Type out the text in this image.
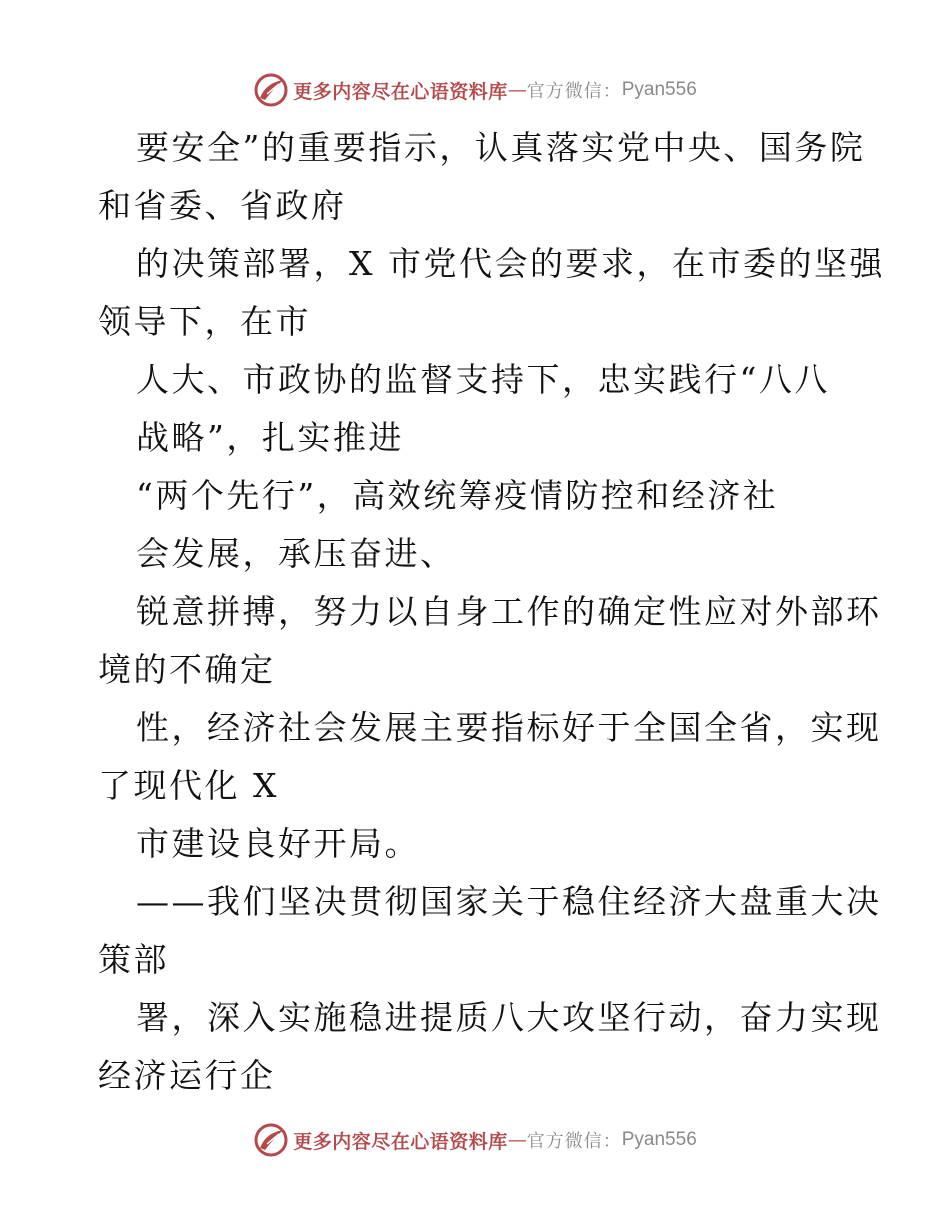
更多内容尽在心语资料库 — 官方微信： Pyan556
要安全”的重要指示，认真落实党中央、国务院
和省委、省政府
的决策部署，X 市党代会的要求，在市委的坚强
领导下，在市
人大、市政协的监督支持下，忠实践行“八八
战略”，扎实推进
“两个先行”，高效统筹疫情防控和经济社
会发展，承压奋进、
锐意拼搏，努力以自身工作的确定性应对外部环
境的不确定
性，经济社会发展主要指标好于全国全省，实现
了现代化 X
市建设良好开局。
——我们坚决贯彻国家关于稳住经济大盘重大决
策部
署，深入实施稳进提质八大攻坚行动，奋力实现
经济运行企
更多内容尽在心语资料库 — 官方微信： Pyan556
